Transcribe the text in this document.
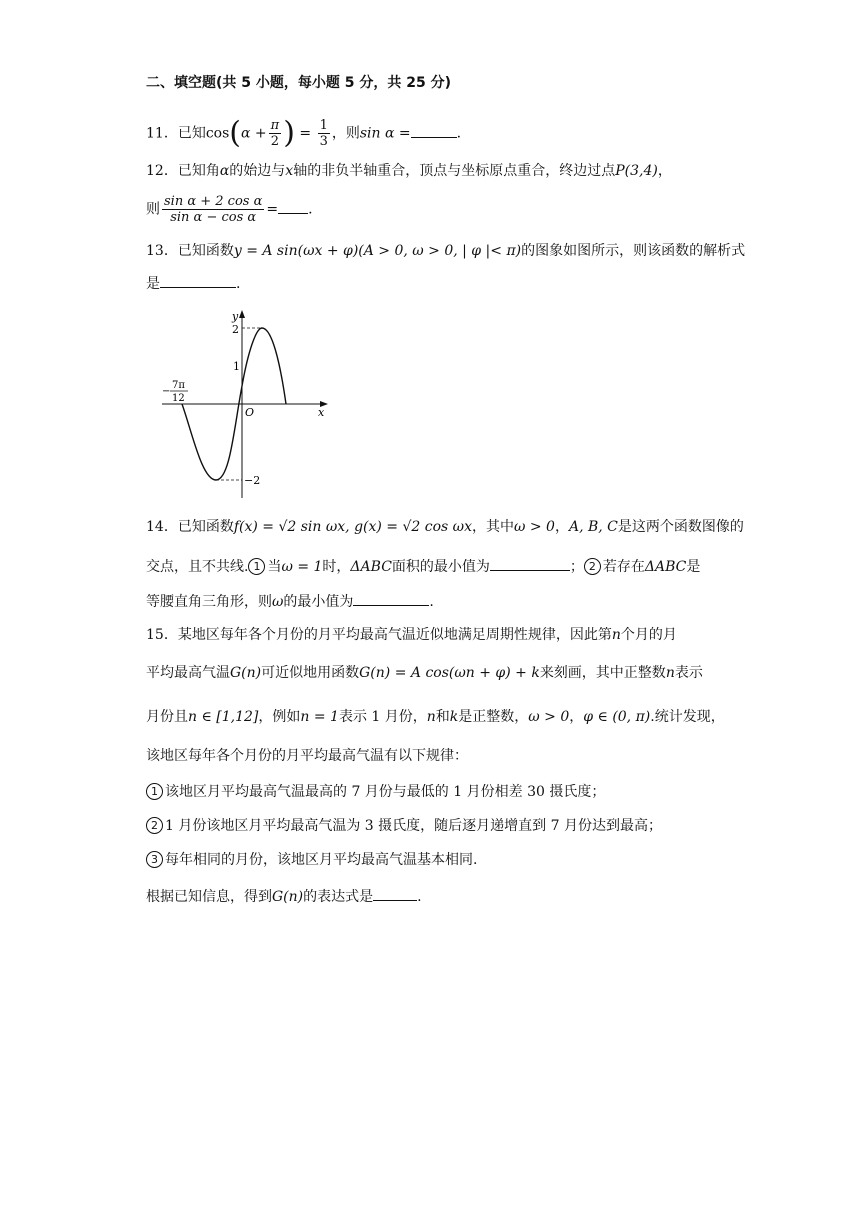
二、填空题(共 5 小题，每小题 5 分，共 25 分)
11．已知$\cos(\alpha + \frac{\pi}{2}$ ) = $\frac{1}{3}$ ，则sin α =	.
12．已知角α的始边与x轴的非负半轴重合，顶点与坐标原点重合，终边过点P(3,4)，
则 $\frac{\text{sin α + 2 cos α}}{\text{sin α − cos α}}$ = .
13．已知函数y = A sin(ωx + φ)(A > 0, ω > 0, | φ |< π)的图象如图所示，则该函数的解析式
是	.
y
x
O
2
1
−2
−
7π
12
14．已知函数f(x) = √2 sin ωx, g(x) = √2 cos ωx，其中ω > 0，A, B, C是这两个函数图像的
交点，且不共线. 1 当ω = 1时，ΔABC面积的最小值为	； 2 若存在ΔABC是
等腰直角三角形，则ω的最小值为	.
15．某地区每年各个月份的月平均最高气温近似地满足周期性规律，因此第n个月的月
平均最高气温G(n)可近似地用函数G(n) = A cos(ωn + φ) + k来刻画，其中正整数n表示
月份且n ∈ [1,12]，例如n = 1表示 1 月份，n和k是正整数，ω > 0，φ ∈ (0, π).统计发现，
该地区每年各个月份的月平均最高气温有以下规律：
1 该地区月平均最高气温最高的 7 月份与最低的 1 月份相差 30 摄氏度；
2 1 月份该地区月平均最高气温为 3 摄氏度，随后逐月递增直到 7 月份达到最高；
3 每年相同的月份，该地区月平均最高气温基本相同.
根据已知信息，得到G(n)的表达式是	.
